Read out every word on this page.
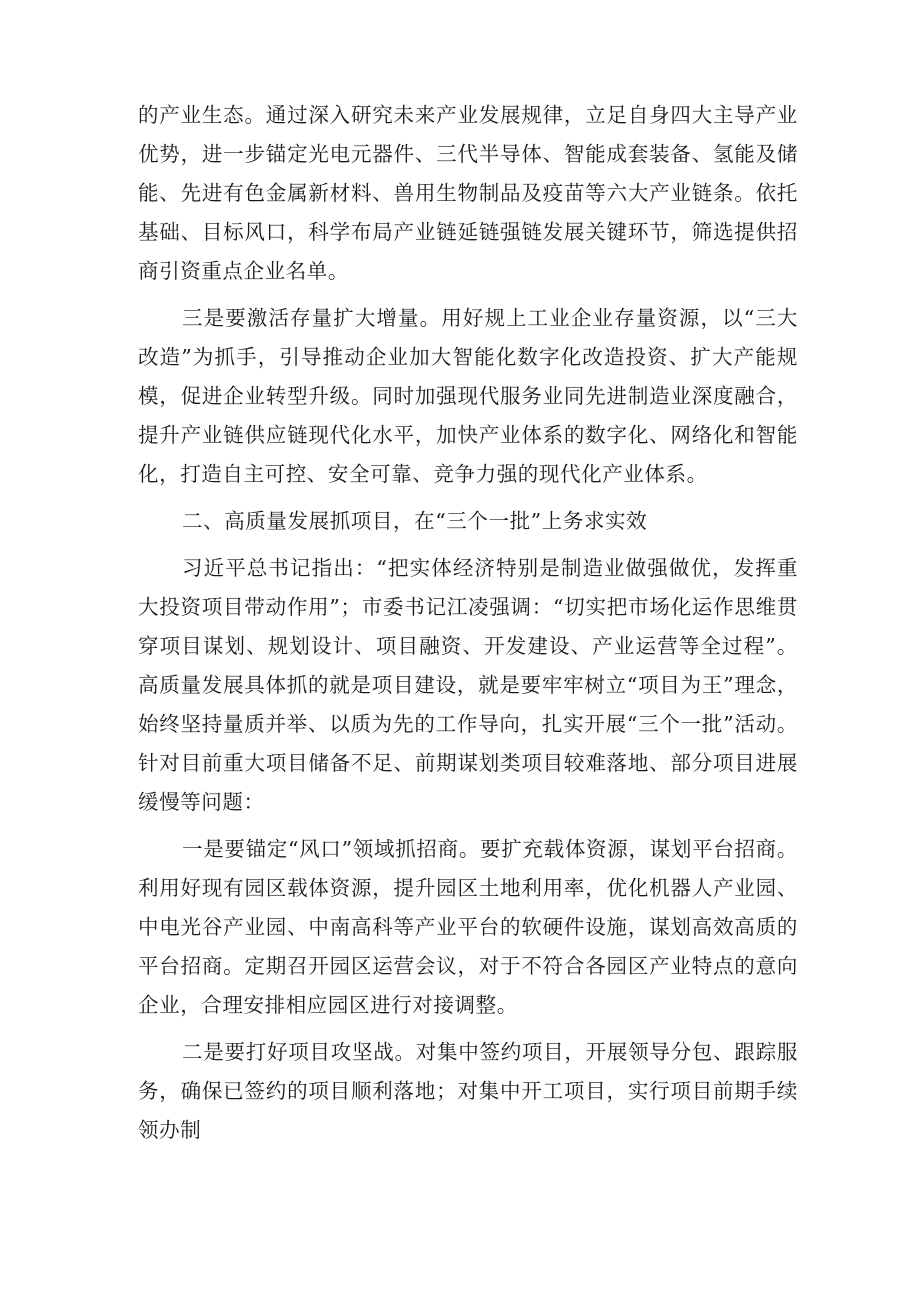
的产业生态。通过深入研究未来产业发展规律，立足自身四大主导产业优势，进一步锚定光电元器件、三代半导体、智能成套装备、氢能及储能、先进有色金属新材料、兽用生物制品及疫苗等六大产业链条。依托基础、目标风口，科学布局产业链延链强链发展关键环节，筛选提供招商引资重点企业名单。

三是要激活存量扩大增量。用好规上工业企业存量资源，以“三大改造”为抓手，引导推动企业加大智能化数字化改造投资、扩大产能规模，促进企业转型升级。同时加强现代服务业同先进制造业深度融合，提升产业链供应链现代化水平，加快产业体系的数字化、网络化和智能化，打造自主可控、安全可靠、竞争力强的现代化产业体系。

二、高质量发展抓项目，在“三个一批”上务求实效

习近平总书记指出：“把实体经济特别是制造业做强做优，发挥重大投资项目带动作用”；市委书记江凌强调：“切实把市场化运作思维贯穿项目谋划、规划设计、项目融资、开发建设、产业运营等全过程”。高质量发展具体抓的就是项目建设，就是要牢牢树立“项目为王”理念，始终坚持量质并举、以质为先的工作导向，扎实开展“三个一批”活动。针对目前重大项目储备不足、前期谋划类项目较难落地、部分项目进展缓慢等问题：

一是要锚定“风口”领域抓招商。要扩充载体资源，谋划平台招商。利用好现有园区载体资源，提升园区土地利用率，优化机器人产业园、中电光谷产业园、中南高科等产业平台的软硬件设施，谋划高效高质的平台招商。定期召开园区运营会议，对于不符合各园区产业特点的意向企业，合理安排相应园区进行对接调整。

二是要打好项目攻坚战。对集中签约项目，开展领导分包、跟踪服务，确保已签约的项目顺利落地；对集中开工项目，实行项目前期手续领办制
